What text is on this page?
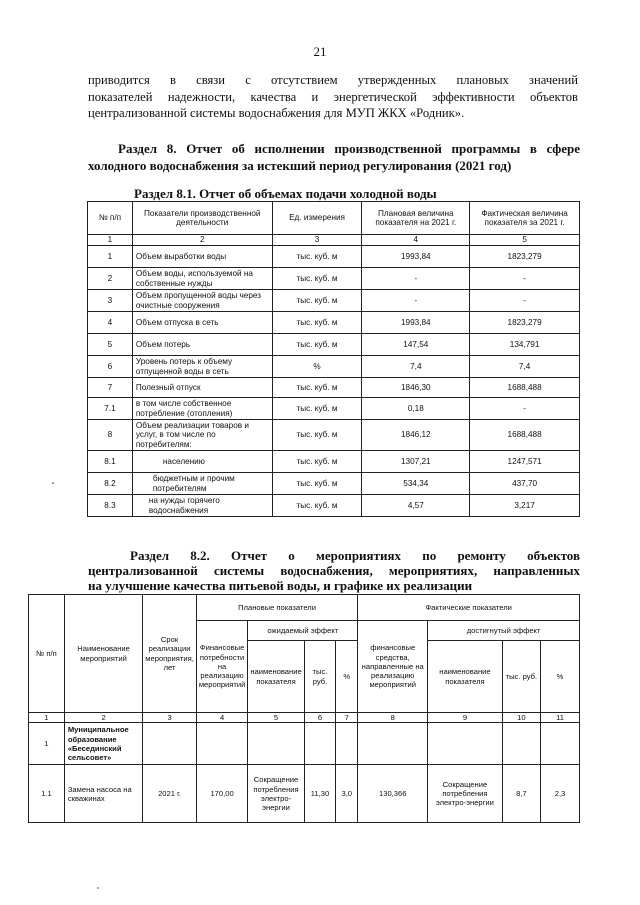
21
приводится в связи с отсутствием утвержденных плановых значений
показателей надежности, качества и энергетической эффективности объектов
централизованной системы водоснабжения для МУП ЖКХ «Родник».
Раздел 8. Отчет об исполнении производственной программы в сфере
холодного водоснабжения за истекший период регулирования (2021 год)
Раздел 8.1. Отчет об объемах подачи холодной воды
№ п/п	Показатели производственной деятельности	Ед. измерения	Плановая величина показателя на 2021 г.	Фактическая величина показателя за 2021 г.
1	2	3	4	5
1	Объем выработки воды	тыс. куб. м	1993,84	1823,279
2	Объем воды, используемой на собственные нужды	тыс. куб. м	-	-
3	Объем пропущенной воды через очистные сооружения	тыс. куб. м	-	-
4	Объем отпуска в сеть	тыс. куб. м	1993,84	1823,279
5	Объем потерь	тыс. куб. м	147,54	134,791
6	Уровень потерь к объему отпущенной воды в сеть	%	7,4	7,4
7	Полезный отпуск	тыс. куб. м	1846,30	1688,488
7.1	в том числе собственное потребление (отопления)	тыс. куб. м	0,18	-
8	Объем реализации товаров и услуг, в том числе по потребителям:	тыс. куб. м	1846,12	1688,488
8.1	населению	тыс. куб. м	1307,21	1247,571
8.2	бюджетным и прочим потребителям	тыс. куб. м	534,34	437,70
8.3	на нужды горячего водоснабжения	тыс. куб. м	4,57	3,217
Раздел 8.2. Отчет о мероприятиях по ремонту объектов
централизованной системы водоснабжения, мероприятиях, направленных
на улучшение качества питьевой воды, и графике их реализации
№ п/п	Наименование мероприятий	Срок реализации мероприятия, лет	Плановые показатели				Фактические показатели			
			Финансовые потребности на реализацию мероприятий	ожидаемый эффект			финансовые средства, направленные на реализацию мероприятий	достигнутый эффект		
				наименование показателя	тыс. руб.	%		наименование показателя	тыс. руб.	%
1	2	3	4	5	6	7	8	9	10	11
1	Муниципальное образование «Бесединский сельсовет»									
1.1	Замена насоса на скважинах	2021 г.	170,00	Сокращение потребления электро-энергии	11,30	3,0	130,366	Сокращение потребления электро-энергии	8,7	2,3
